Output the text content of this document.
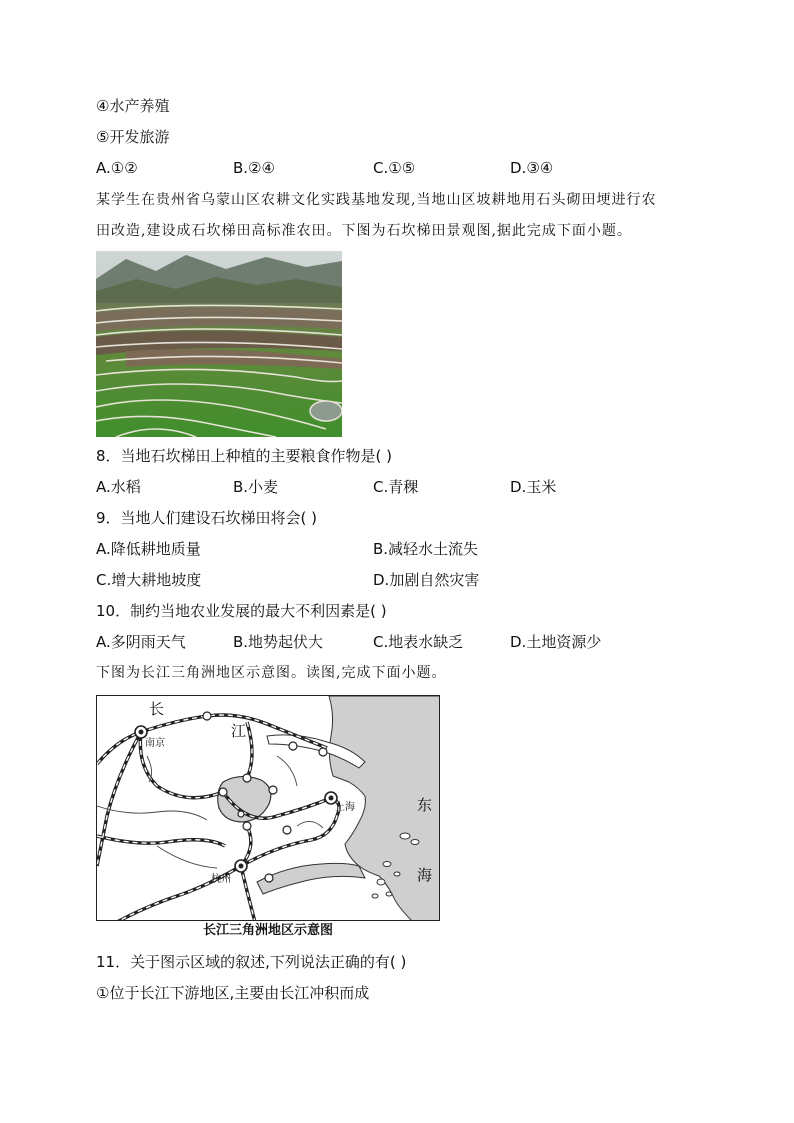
④水产养殖
⑤开发旅游
A.①②	B.②④	C.①⑤	D.③④
某学生在贵州省乌蒙山区农耕文化实践基地发现,当地山区坡耕地用石头砌田埂进行农
田改造,建设成石坎梯田高标准农田。下图为石坎梯田景观图,据此完成下面小题。
8．当地石坎梯田上种植的主要粮食作物是( )
A.水稻	B.小麦	C.青稞	D.玉米
9．当地人们建设石坎梯田将会( )
A.降低耕地质量	B.减轻水土流失
C.增大耕地坡度	D.加剧自然灾害
10．制约当地农业发展的最大不利因素是( )
A.多阴雨天气	B.地势起伏大	C.地表水缺乏	D.土地资源少
下图为长江三角洲地区示意图。读图,完成下面小题。
长
江
南京
上海
杭州
东
海
长江三角洲地区示意图
11．关于图示区域的叙述,下列说法正确的有( )
①位于长江下游地区,主要由长江冲积而成
